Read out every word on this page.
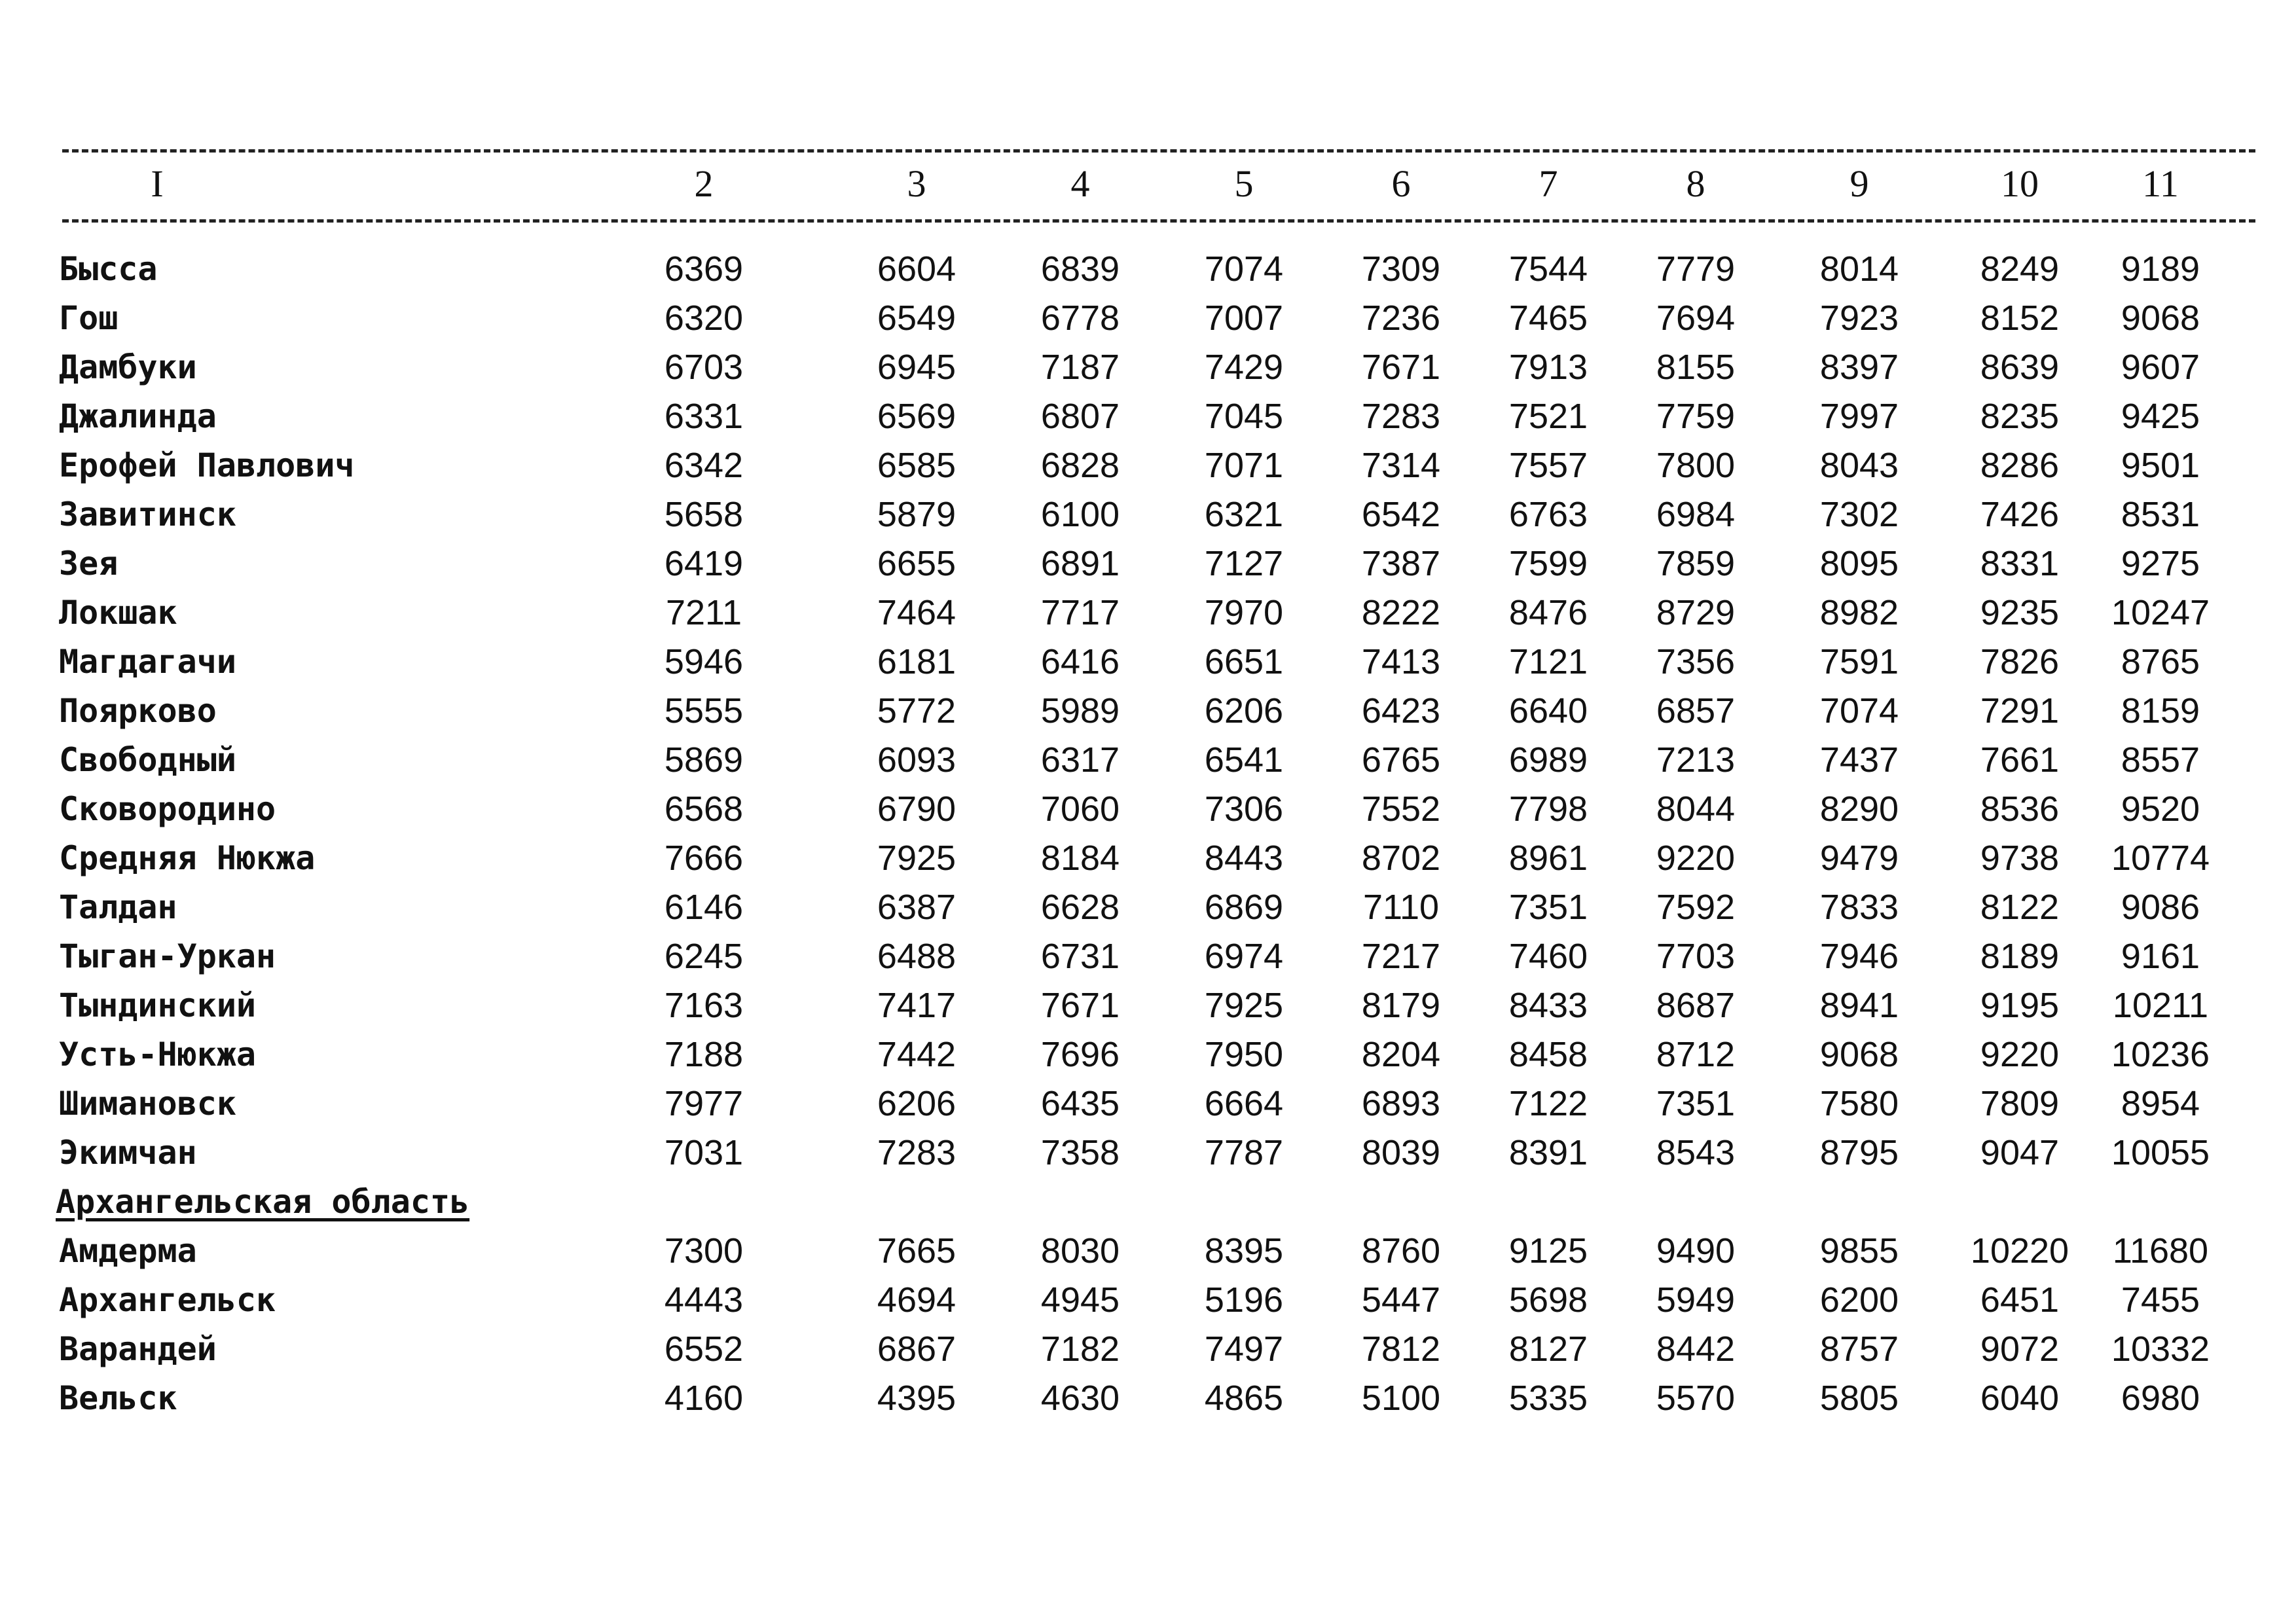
I	2	3	4	5	6	7	8	9	10	11
Бысса	6369	6604	6839	7074	7309	7544	7779	8014	8249	9189
Гош	6320	6549	6778	7007	7236	7465	7694	7923	8152	9068
Дамбуки	6703	6945	7187	7429	7671	7913	8155	8397	8639	9607
Джалинда	6331	6569	6807	7045	7283	7521	7759	7997	8235	9425
Ерофей Павлович	6342	6585	6828	7071	7314	7557	7800	8043	8286	9501
Завитинск	5658	5879	6100	6321	6542	6763	6984	7302	7426	8531
Зея	6419	6655	6891	7127	7387	7599	7859	8095	8331	9275
Локшак	7211	7464	7717	7970	8222	8476	8729	8982	9235	10247
Магдагачи	5946	6181	6416	6651	7413	7121	7356	7591	7826	8765
Поярково	5555	5772	5989	6206	6423	6640	6857	7074	7291	8159
Свободный	5869	6093	6317	6541	6765	6989	7213	7437	7661	8557
Сковородино	6568	6790	7060	7306	7552	7798	8044	8290	8536	9520
Средняя Нюкжа	7666	7925	8184	8443	8702	8961	9220	9479	9738	10774
Талдан	6146	6387	6628	6869	7110	7351	7592	7833	8122	9086
Тыган-Уркан	6245	6488	6731	6974	7217	7460	7703	7946	8189	9161
Тындинский	7163	7417	7671	7925	8179	8433	8687	8941	9195	10211
Усть-Нюкжа	7188	7442	7696	7950	8204	8458	8712	9068	9220	10236
Шимановск	7977	6206	6435	6664	6893	7122	7351	7580	7809	8954
Экимчан	7031	7283	7358	7787	8039	8391	8543	8795	9047	10055
Архангельская область
Амдерма	7300	7665	8030	8395	8760	9125	9490	9855	10220	11680
Архангельск	4443	4694	4945	5196	5447	5698	5949	6200	6451	7455
Варандей	6552	6867	7182	7497	7812	8127	8442	8757	9072	10332
Вельск	4160	4395	4630	4865	5100	5335	5570	5805	6040	6980
